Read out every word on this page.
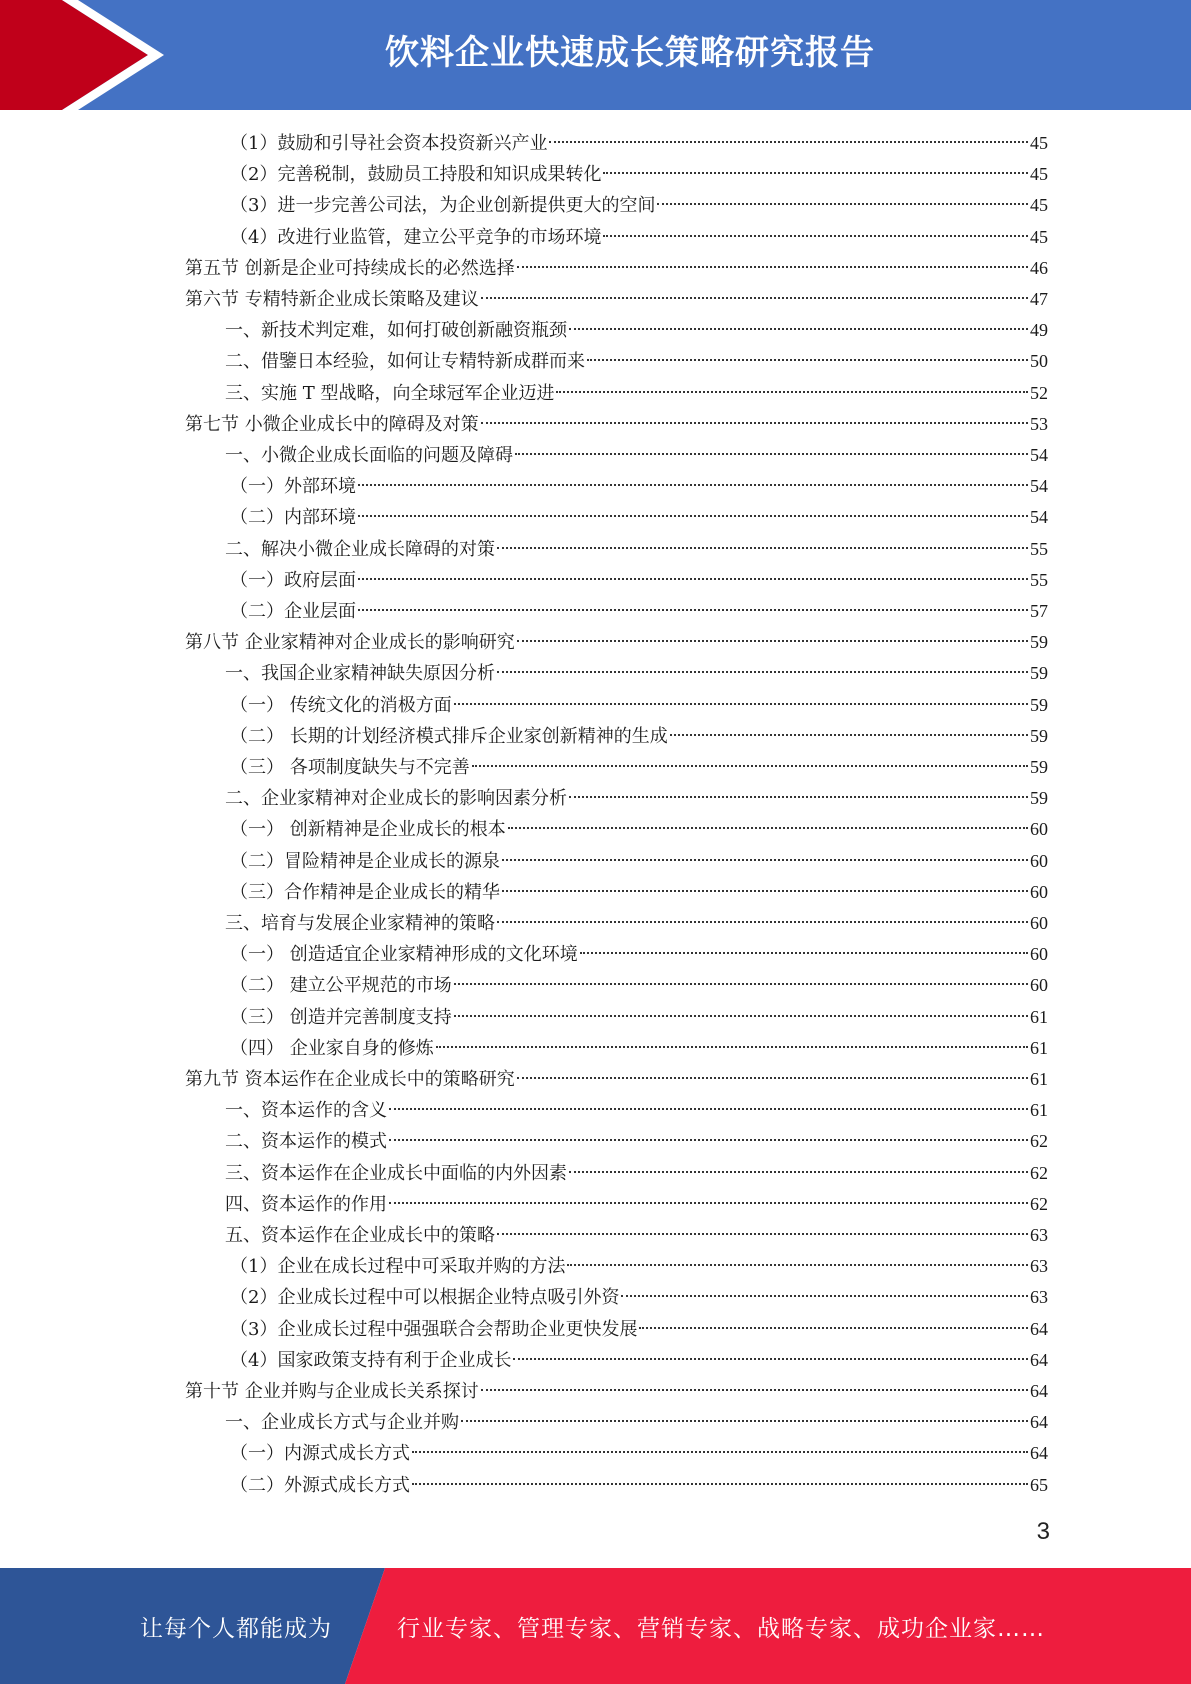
饮料企业快速成长策略研究报告
（1）鼓励和引导社会资本投资新兴产业	45
（2）完善税制，鼓励员工持股和知识成果转化	45
（3）进一步完善公司法，为企业创新提供更大的空间	45
（4）改进行业监管，建立公平竞争的市场环境	45
第五节 创新是企业可持续成长的必然选择	46
第六节 专精特新企业成长策略及建议	47
一、新技术判定难，如何打破创新融资瓶颈	49
二、借鑒日本经验，如何让专精特新成群而来	50
三、实施 T 型战略，向全球冠军企业迈进	52
第七节 小微企业成长中的障碍及对策	53
一、小微企业成长面临的问题及障碍	54
（一）外部环境	54
（二）内部环境	54
二、解决小微企业成长障碍的对策	55
（一）政府层面	55
（二）企业层面	57
第八节 企业家精神对企业成长的影响研究	59
一、我国企业家精神缺失原因分析	59
（一） 传统文化的消极方面	59
（二） 长期的计划经济模式排斥企业家创新精神的生成	59
（三） 各项制度缺失与不完善	59
二、企业家精神对企业成长的影响因素分析	59
（一） 创新精神是企业成长的根本	60
（二）冒险精神是企业成长的源泉	60
（三）合作精神是企业成长的精华	60
三、培育与发展企业家精神的策略	60
（一） 创造适宜企业家精神形成的文化环境	60
（二） 建立公平规范的市场	60
（三） 创造并完善制度支持	61
（四） 企业家自身的修炼	61
第九节 资本运作在企业成长中的策略研究	61
一、资本运作的含义	61
二、资本运作的模式	62
三、资本运作在企业成长中面临的内外因素	62
四、资本运作的作用	62
五、资本运作在企业成长中的策略	63
（1）企业在成长过程中可采取并购的方法	63
（2）企业成长过程中可以根据企业特点吸引外资	63
（3）企业成长过程中强强联合会帮助企业更快发展	64
（4）国家政策支持有利于企业成长	64
第十节 企业并购与企业成长关系探讨	64
一、企业成长方式与企业并购	64
（一）内源式成长方式	64
（二）外源式成长方式	65
3
让每个人都能成为	行业专家、管理专家、营销专家、战略专家、成功企业家……
